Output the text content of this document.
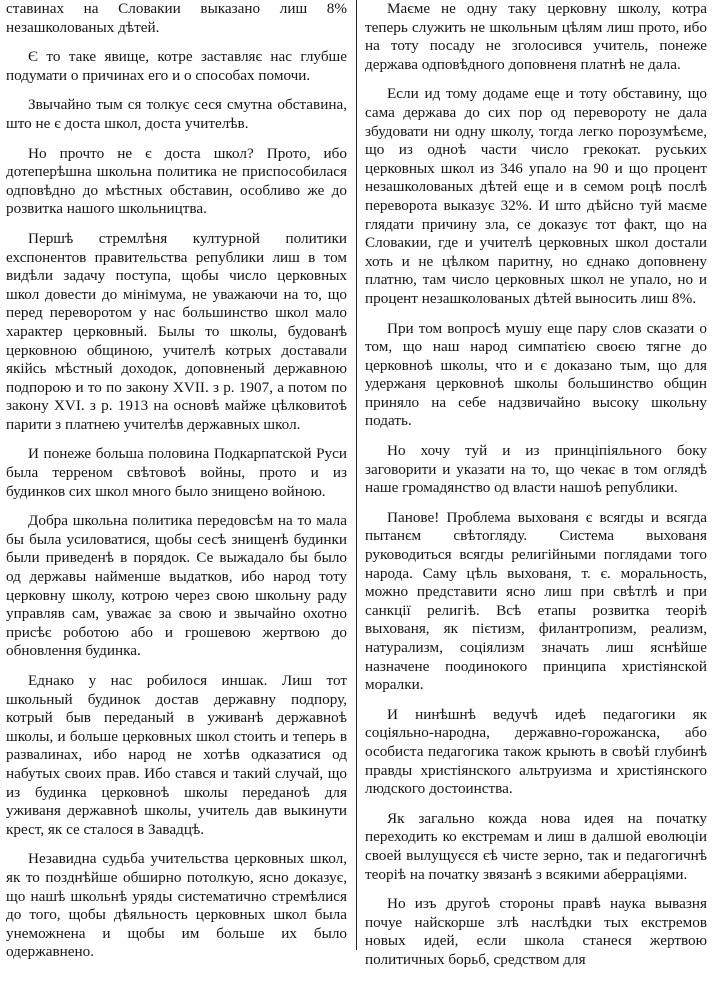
ставинах на Словакии выказано лиш 8% незашколованых дѣтей.

Є то таке явище, котре заставляє нас глубше подумати о причинах его и о способах помочи.

Звычайно тым ся толкує сеся смутна обставина, што не є доста школ, доста учителѣв.

Но прочто не є доста школ? Прото, ибо дотеперѣшна школьна политика не приспособилася одповѣдно до мѣстных обставин, особливо же до розвитка нашого школьництва.

Першѣ стремлѣня културной политики ехспонентов правительства републики лиш в том видѣли задачу поступа, щобы число церковных школ довести до мінімума, не уважаючи на то, що перед переворотом у нас большинство школ мало характер церковный. Былы то школы, будованѣ церковною общиною, учителѣ котрых доставали якійсь мѣстный доходок, доповненый державною подпорою и то по закону XVII. з р. 1907, а потом по закону XVI. з р. 1913 на основѣ майже цѣлковитоѣ парити з платнею учителѣв державных школ.

И понеже больша половина Подкарпатской Руси была терреном свѣтовоѣ войны, прото и из будинков сих школ много было знищено войною.

Добра школьна политика передовсѣм на то мала бы была усиловатися, щобы сесѣ знищенѣ будинки были приведенѣ в порядок. Се выжадало бы было од державы найменше выдатков, ибо народ тоту церковну школу, котрою через свою школьну раду управляв сам, уважає за свою и звычайно охотно присѣє роботою або и грошевою жертвою до обновлення будинка.

Еднако у нас робилося иншак. Лиш тот школьный будинок достав державну подпору, котрый быв переданый в уживанѣ державноѣ школы, и больше церковных школ стоить и теперь в развалинах, ибо народ не хотѣв одказатися од набутых своих прав. Ибо стався и такий случай, що из будинка церковноѣ школы переданоѣ для уживаня державноѣ школы, учитель дав выкинути крест, як се сталося в Завадцѣ.

Незавидна судьба учительства церковных школ, як то позднѣйше обширно потолкую, ясно доказує, що нашѣ школьнѣ уряды систематично стремѣлися до того, щобы дѣяльность церковных школ была унеможнена и щобы им больше их было одержавнено.

Маєме не одну таку церковну школу, котра теперь служить не школьным цѣлям лиш прото, ибо на тоту посаду не зголосився учитель, понеже держава одповѣдного доповненя платнѣ не дала.

Если ид тому додаме еще и тоту обставину, що сама держава до сих пор од перевороту не дала збудовати ни одну школу, тогда легко порозумѣєме, що из одноѣ части число грекокат. руських церковных школ из 346 упало на 90 и що процент незашколованых дѣтей еще и в семом роцѣ послѣ переворота выказує 32%. И што дѣйсно туй маєме глядати причину зла, се доказує тот факт, що на Словакии, где и учителѣ церковных школ достали хоть и не цѣлком паритну, но єднако доповнену платню, там число церковных школ не упало, но и процент незашколованых дѣтей выносить лиш 8%.

При том вопросѣ мушу еще пару слов сказати о том, що наш народ симпатією своєю тягне до церковноѣ школы, что и є доказано тым, що для удержаня церковноѣ школы большинство общин приняло на себе надзвичайно высоку школьну подать.

Но хочу туй и из принціпіяльного боку заговорити и указати на то, що чекає в том оглядѣ наше громадянство од власти нашоѣ републики.

Панове! Проблема выхованя є всягды и всягда пытанєм свѣтогляду. Система выхованя руководиться всягды религійными поглядами того народа. Саму цѣль выхованя, т. є. моральность, можно представити ясно лиш при свѣтлѣ и при санкції религіѣ. Всѣ етапы розвитка теоріѣ выхованя, як пієтизм, филантропизм, реализм, натурализм, соціялизм значать лиш яснѣйше назначене поодинокого принципа христіянской моралки.

И нинѣшнѣ ведучѣ идеѣ педагогики як соціяльно-народна, державно-горожанска, або особиста педагогика також крыють в своѣй глубинѣ правды христіянского альтруизма и христіянского людского достоинства.

Як загально кожда нова идея на початку переходить ко екстремам и лиш в далшой еволюціи своей вылущуєся єѣ чисте зерно, так и педагогичнѣ теоріѣ на початку звязанѣ з всякими аберраціями.

Но изъ другоѣ стороны правѣ наука вывазня почуе найскорше злѣ наслѣдки тых екстремов новых идей, если школа станеся жертвою политичных борьб, средством для
